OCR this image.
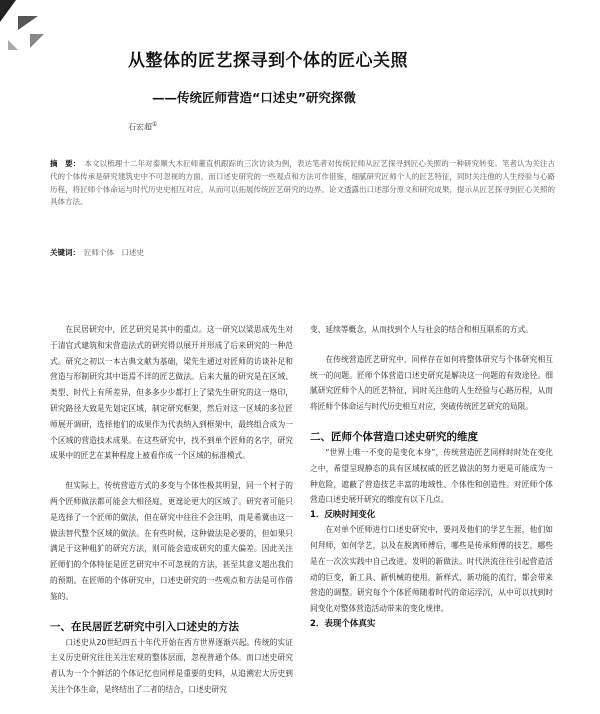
从整体的匠艺探寻到个体的匠心关照
——传统匠师营造“口述史”研究探微
石宏超①
摘　要： 本文以梳理十二年对泰顺大木匠师董直机跟踪的三次访谈为例，表达笔者对传统匠师从匠艺探寻到匠心关照的一种研究转变。笔者认为关注古代的个体传承是研究建筑史中不可忽视的方面，而口述史研究的一些观点和方法可作借鉴，细腻研究匠师个人的匠艺特征，同时关注他的人生经验与心路历程，将匠师个体命运与时代历史史相互对应，从而可以拓展传统匠艺研究的边界。论文透露出口述部分原文和研究成果，提示从匠艺探寻到匠心关照的具体方法。
关键词： 匠师个体　口述史

在民居研究中，匠艺研究是其中的重点。这一研究以梁思成先生对于清官式建筑和宋营造法式的研究得以展开并形成了后来研究的一种范式。研究之初以一本古典文献为基础，梁先生通过对匠师的访谈补足和营造与形制研究其中语焉不详的匠艺做法。后来大量的研究是在区域、类型、时代上有所差异，但多多少少都打上了梁先生研究的这一烙印，研究路径大致是先划定区域，制定研究框架，然后对这一区域的多位匠师展开调研，选择他们的成果作为代表纳入到框架中，最终组合成为一个区域的营造技术成果。在这些研究中，找不到单个匠师的名字，研究成果中的匠艺在某种程度上被看作成一个区域的标准模式。

但实际上，传统营造方式的多变与个体性极其明显，同一个村子的两个匠师做法都可能会大相径庭，更遑论更大的区域了。研究者可能只是选择了一个匠师的做法，但在研究中往往不会注明，而是希冀由这一做法替代整个区域的做法。在有些时候，这种做法是必要的，但如果只满足于这种粗犷的研究方法，则可能会造成研究的重大偏差。因此关注匠师们的个体特征是匠艺研究中不可忽视的方法，甚至其意义超出我们的预期。在匠师的个体研究中，口述史研究的一些观点和方法是可作借鉴的。

一、在民居匠艺研究中引入口述史的方法

口述史从20世纪四五十年代开始在西方世界逐渐兴起。传统的实证主义历史研究往往关注宏观的整体层面，忽视普通个体。而口述史研究者认为一个个鲜活的个体记忆也同样是重要的史料，从追溯宏大历史到关注个体生命，是终结出了二者的结合，口述史研究

变、延续等概念，从而找到个人与社会的结合和相互联系的方式。

在传统营造匠艺研究中，同样存在如何将整体研究与个体研究相互统一的问题。匠师个体营造口述史研究是解决这一问题的有效途径。细腻研究匠师个人的匠艺特征，同时关注他的人生经验与心路历程，从而将匠师个体命运与时代历史相互对应，突破传统匠艺研究的局限。

二、匠师个体营造口述史研究的维度

“世界上唯一不变的是变化本身”，传统营造匠艺同样时时处在变化之中，希望呈现静态的具有区域权威的匠艺做法的努力更是可能成为一种危险，遮蔽了营造技艺丰富的地域性、个体性和创造性。对匠师个体营造口述史展开研究的维度有以下几点。

1．反映时间变化

在对单个匠师进行口述史研究中，要问及他们的学艺生涯，他们如何拜师，如何学艺，以及在脱离师傅后，哪些是传承师傅的技艺，哪些是在一次次实践中自己改进、发明的新做法。时代洪流往往引起营造活动的巨变，新工具、新机械的使用，新样式、新功能的流行，都会带来营造的调整。研究每个个体匠师随着时代的命运浮沉，从中可以找到时间变化对整体营造活动带来的变化规律。

2．表现个体真实
